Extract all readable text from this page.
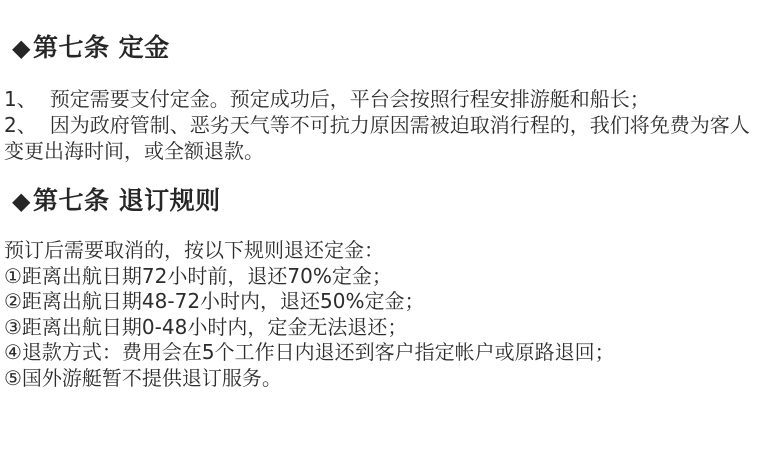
◆第七条 定金

1、 预定需要支付定金。预定成功后，平台会按照行程安排游艇和船长；

2、 因为政府管制、恶劣天气等不可抗力原因需被迫取消行程的，我们将免费为客人变更出海时间，或全额退款。

◆第七条 退订规则

预订后需要取消的，按以下规则退还定金：

①距离出航日期72小时前，退还70%定金；

②距离出航日期48-72小时内，退还50%定金；

③距离出航日期0-48小时内，定金无法退还；

④退款方式：费用会在5个工作日内退还到客户指定帐户或原路退回；

⑤国外游艇暂不提供退订服务。
